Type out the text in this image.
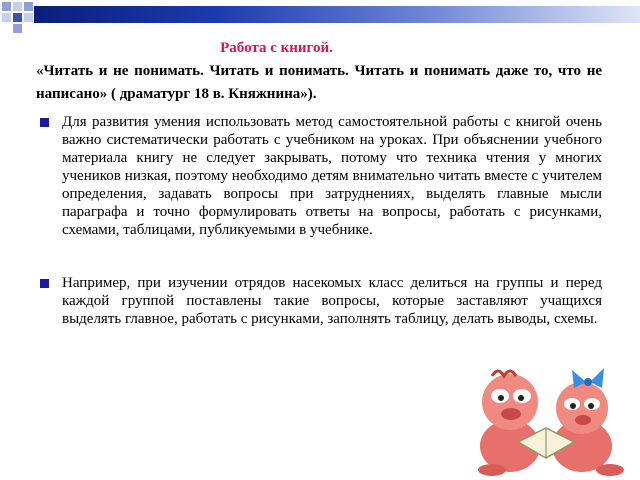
Работа с книгой.

«Читать и не понимать. Читать и понимать. Читать и понимать даже то, что не написано» ( драматург 18 в. Княжнина»).

Для развития умения использовать метод самостоятельной работы с книгой очень важно систематически работать с учебником на уроках. При объяснении учебного материала книгу не следует закрывать, потому что техника чтения у многих учеников низкая, поэтому необходимо детям внимательно читать вместе с учителем определения, задавать вопросы при затруднениях, выделять главные мысли параграфа и точно формулировать ответы на вопросы, работать с рисунками, схемами, таблицами, публикуемыми в учебнике.

Например, при изучении отрядов насекомых класс делиться на группы и перед каждой группой поставлены такие вопросы, которые заставляют учащихся выделять главное, работать с рисунками, заполнять таблицу, делать выводы, схемы.
